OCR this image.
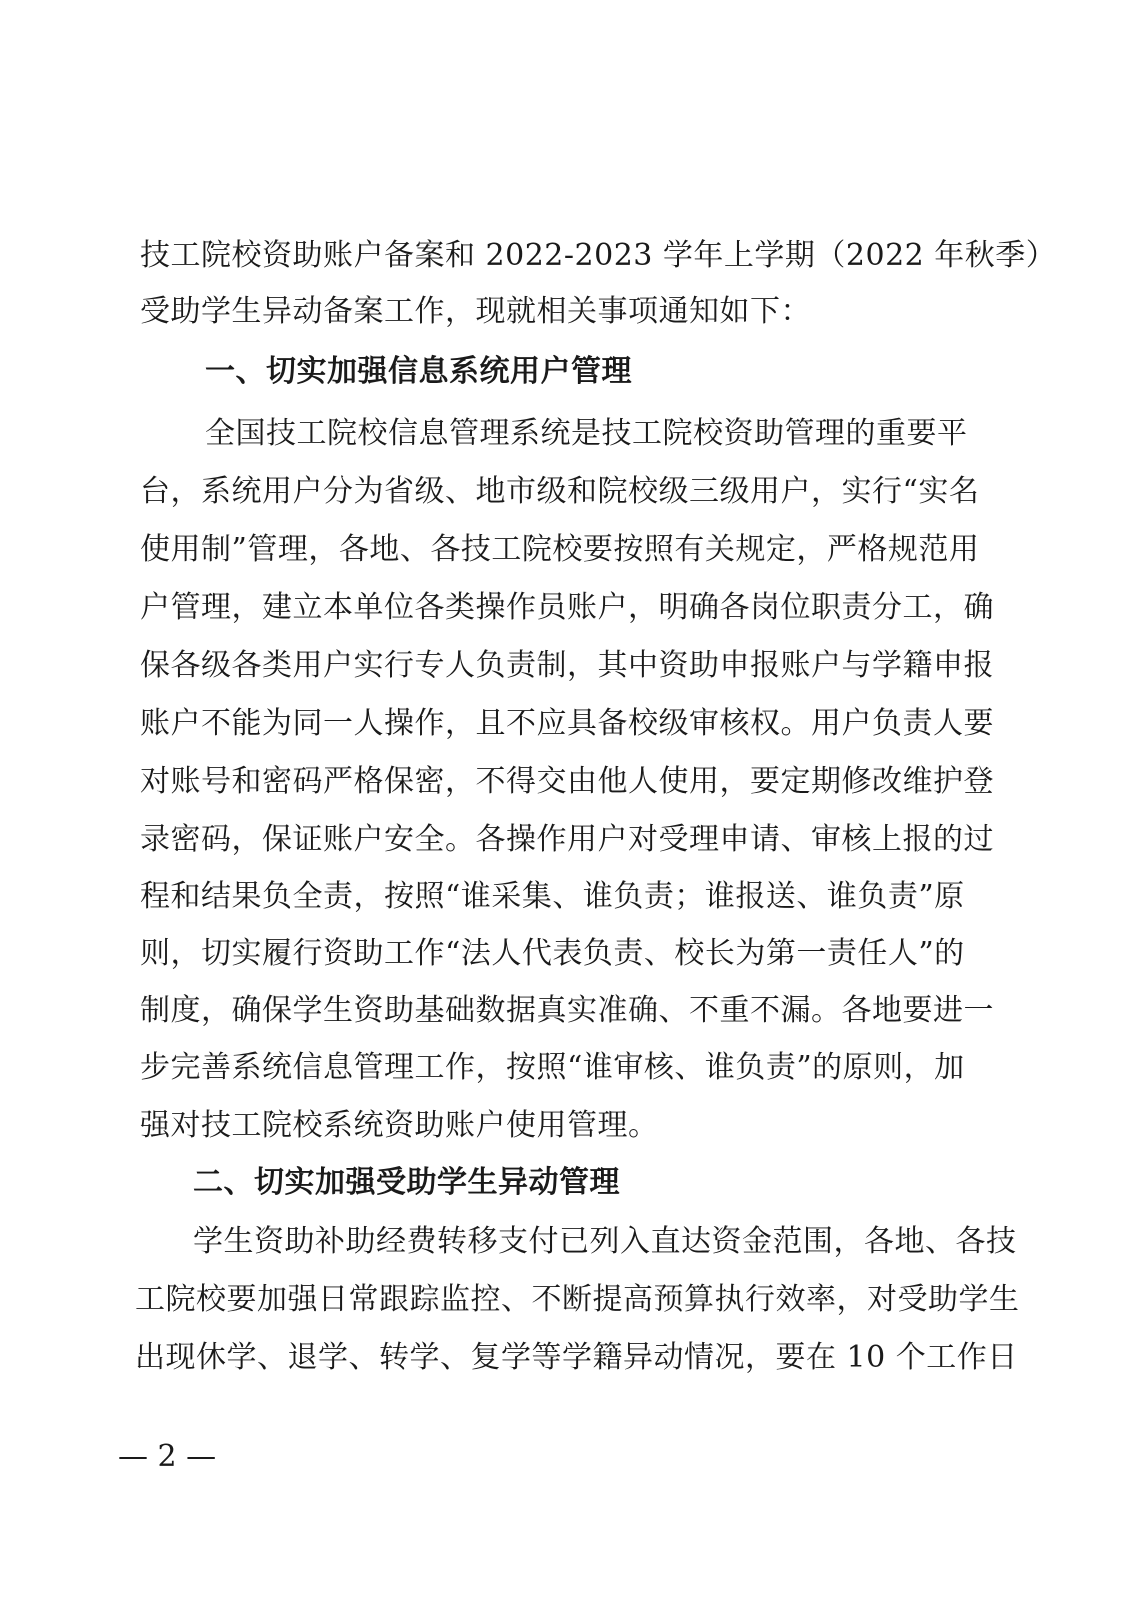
技工院校资助账户备案和 2022-2023 学年上学期（2022 年秋季）
受助学生异动备案工作，现就相关事项通知如下：
一、切实加强信息系统用户管理
全国技工院校信息管理系统是技工院校资助管理的重要平
台，系统用户分为省级、地市级和院校级三级用户，实行“实名
使用制”管理，各地、各技工院校要按照有关规定，严格规范用
户管理，建立本单位各类操作员账户，明确各岗位职责分工，确
保各级各类用户实行专人负责制，其中资助申报账户与学籍申报
账户不能为同一人操作，且不应具备校级审核权。用户负责人要
对账号和密码严格保密，不得交由他人使用，要定期修改维护登
录密码，保证账户安全。各操作用户对受理申请、审核上报的过
程和结果负全责，按照“谁采集、谁负责；谁报送、谁负责”原
则，切实履行资助工作“法人代表负责、校长为第一责任人”的
制度，确保学生资助基础数据真实准确、不重不漏。各地要进一
步完善系统信息管理工作，按照“谁审核、谁负责”的原则，加
强对技工院校系统资助账户使用管理。
二、切实加强受助学生异动管理
学生资助补助经费转移支付已列入直达资金范围，各地、各技
工院校要加强日常跟踪监控、不断提高预算执行效率，对受助学生
出现休学、退学、转学、复学等学籍异动情况，要在 10 个工作日
— 2 —
